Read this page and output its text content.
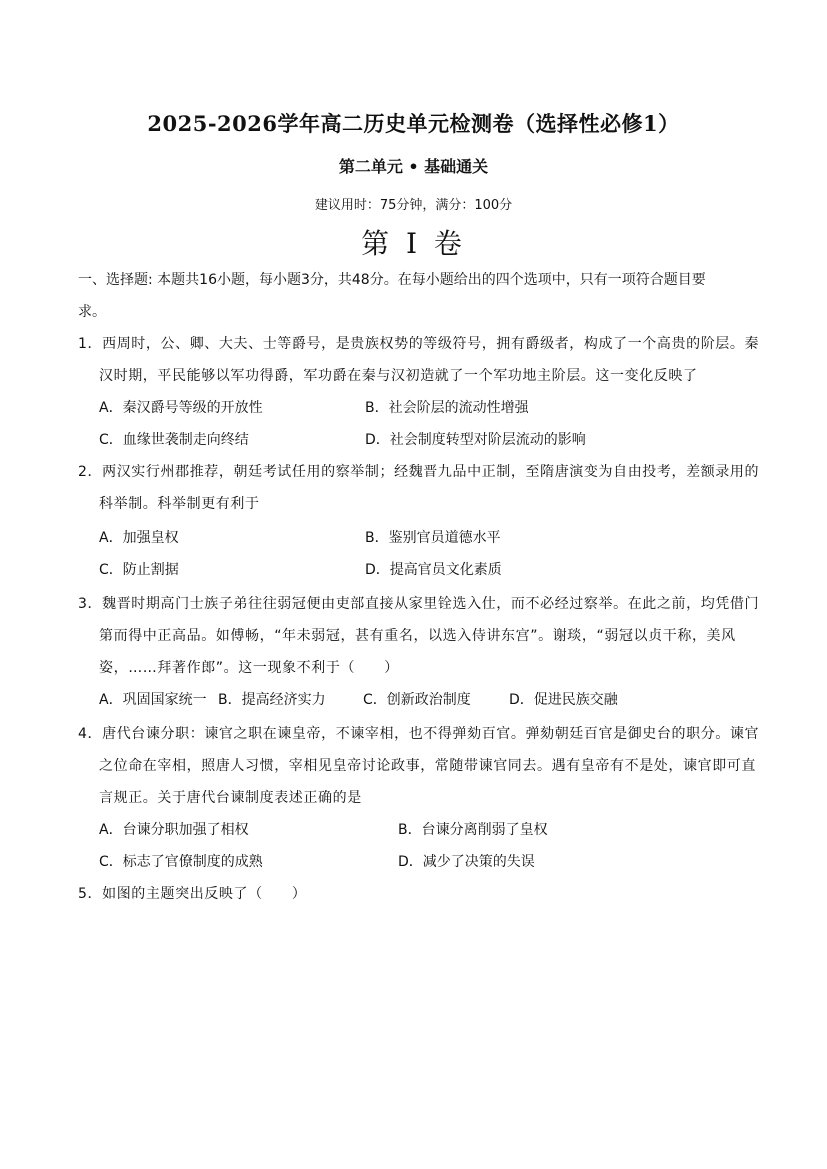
2025-2026学年高二历史单元检测卷（选择性必修1）
第二单元 • 基础通关
建议用时：75分钟，满分：100分
第 I 卷
一、选择题: 本题共16小题，每小题3分，共48分。在每小题给出的四个选项中，只有一项符合题目要
求。
1．西周时，公、卿、大夫、士等爵号，是贵族权势的等级符号，拥有爵级者，构成了一个高贵的阶层。秦
汉时期，平民能够以军功得爵，军功爵在秦与汉初造就了一个军功地主阶层。这一变化反映了
A．秦汉爵号等级的开放性	B．社会阶层的流动性增强
C．血缘世袭制走向终结	D．社会制度转型对阶层流动的影响
2．两汉实行州郡推荐，朝廷考试任用的察举制；经魏晋九品中正制，至隋唐演变为自由投考，差额录用的
科举制。科举制更有利于
A．加强皇权	B．鉴别官员道德水平
C．防止割据	D．提高官员文化素质
3．魏晋时期高门士族子弟往往弱冠便由吏部直接从家里铨选入仕，而不必经过察举。在此之前，均凭借门
第而得中正高品。如傅畅，“年未弱冠，甚有重名，以选入侍讲东宫”。谢琰，“弱冠以贞干称，美风
姿，……拜著作郎”。这一现象不利于（　　）
A．巩固国家统一 B．提高经济实力	C．创新政治制度	D．促进民族交融
4．唐代台谏分职：谏官之职在谏皇帝，不谏宰相，也不得弹劾百官。弹劾朝廷百官是御史台的职分。谏官
之位命在宰相，照唐人习惯，宰相见皇帝讨论政事，常随带谏官同去。遇有皇帝有不是处，谏官即可直
言规正。关于唐代台谏制度表述正确的是
A．台谏分职加强了相权	B．台谏分离削弱了皇权
C．标志了官僚制度的成熟	D．减少了决策的失误
5．如图的主题突出反映了（　　）
